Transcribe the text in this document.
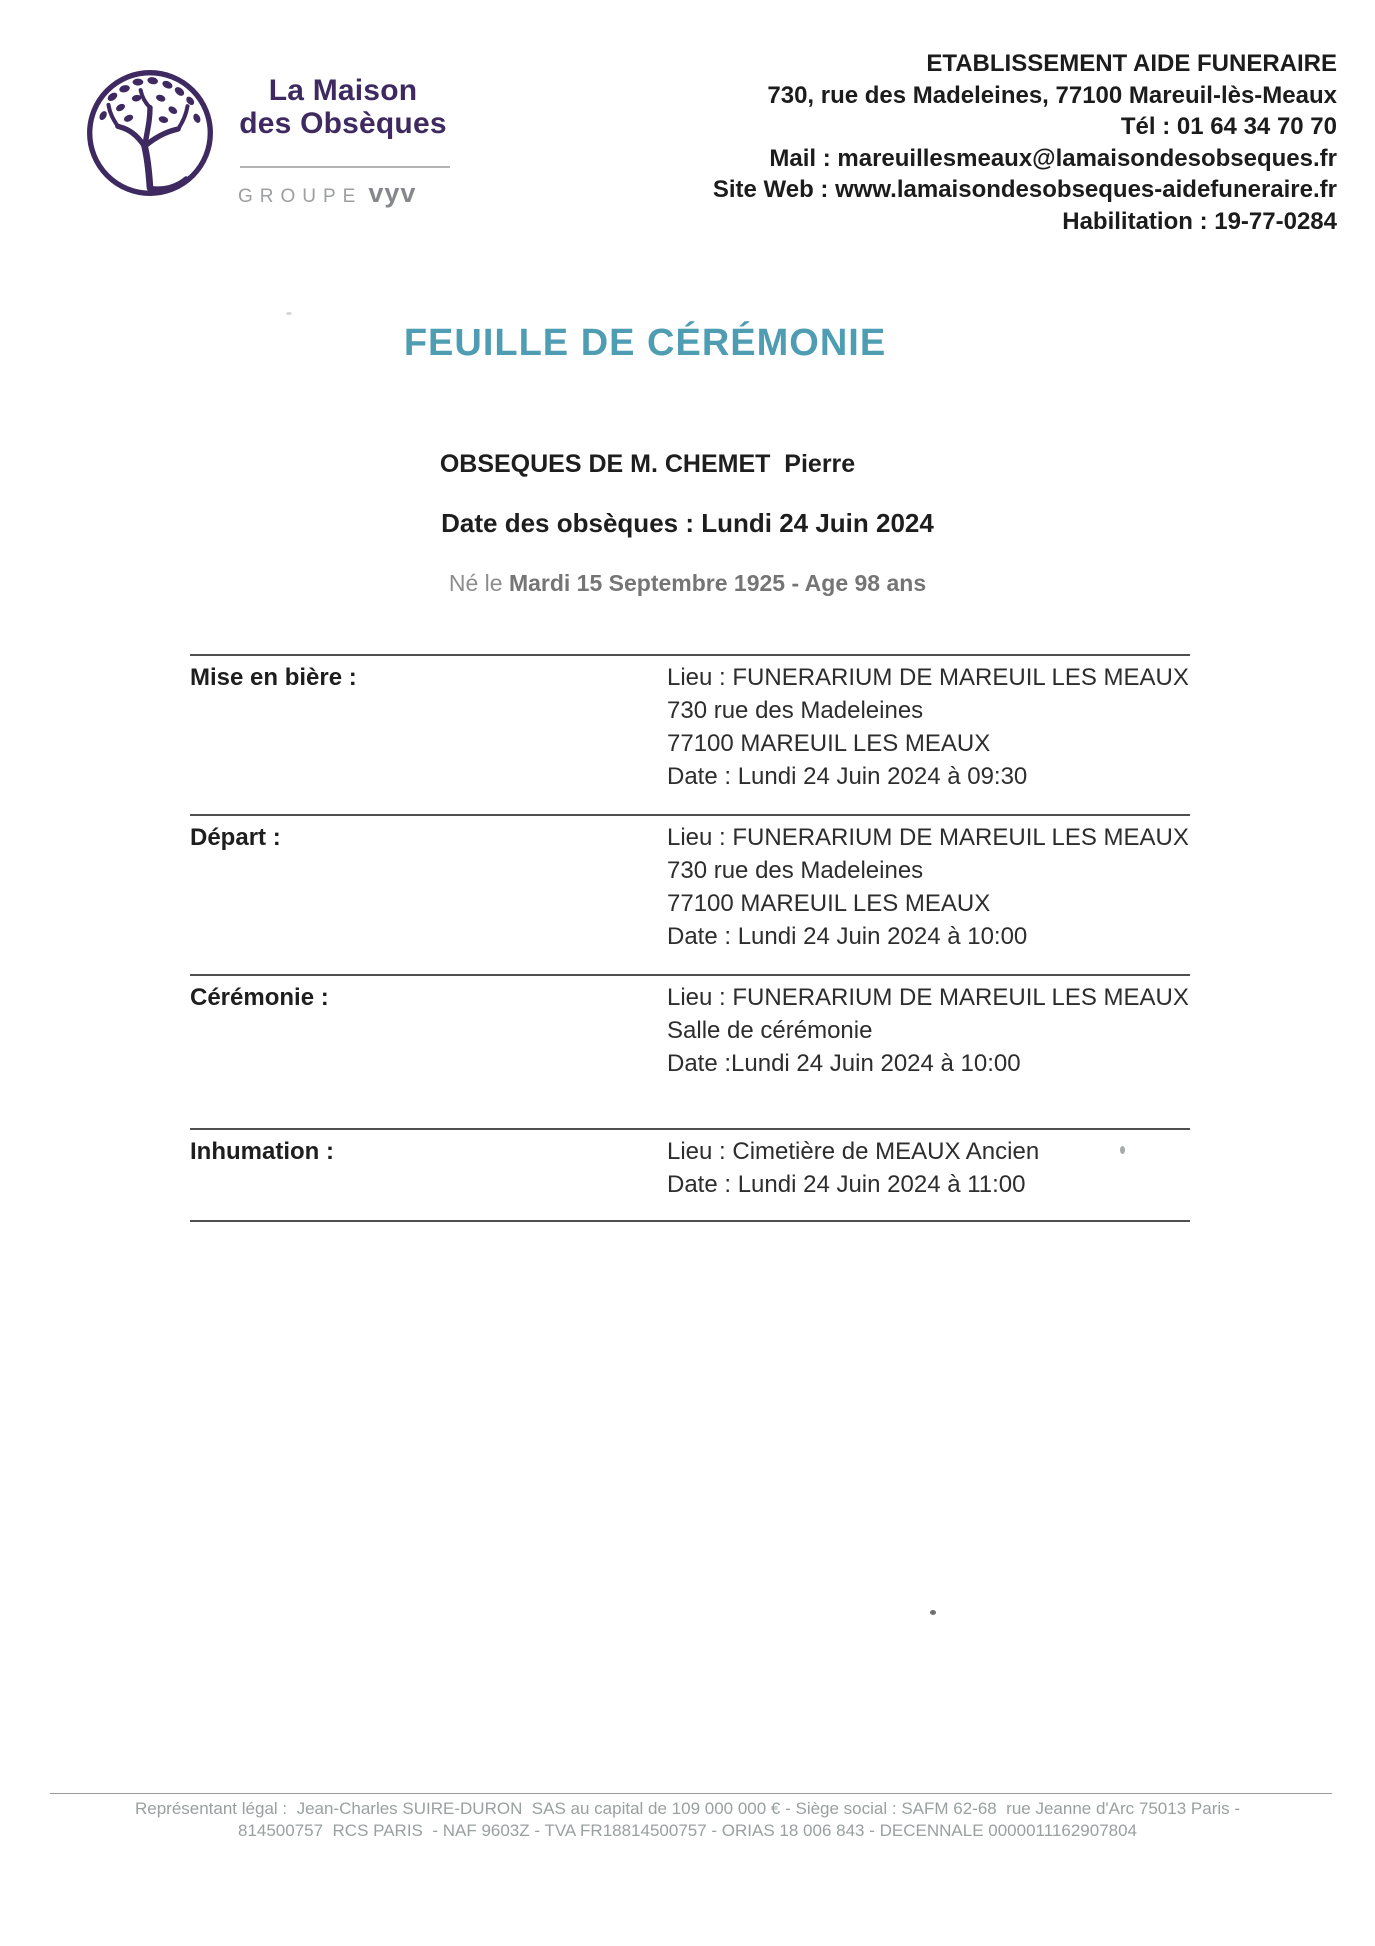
La Maison
des Obsèques
GROUPE vyv
ETABLISSEMENT AIDE FUNERAIRE
730, rue des Madeleines, 77100 Mareuil-lès-Meaux
Tél : 01 64 34 70 70
Mail : mareuillesmeaux@lamaisondesobseques.fr
Site Web : www.lamaisondesobseques-aidefuneraire.fr
Habilitation : 19-77-0284
FEUILLE DE CÉRÉMONIE
OBSEQUES DE M. CHEMET  Pierre
Date des obsèques : Lundi 24 Juin 2024
Né le Mardi 15 Septembre 1925 - Age 98 ans
Mise en bière :	Lieu : FUNERARIUM DE MAREUIL LES MEAUX
730 rue des Madeleines
77100 MAREUIL LES MEAUX
Date : Lundi 24 Juin 2024 à 09:30
Départ :	Lieu : FUNERARIUM DE MAREUIL LES MEAUX
730 rue des Madeleines
77100 MAREUIL LES MEAUX
Date : Lundi 24 Juin 2024 à 10:00
Cérémonie :	Lieu : FUNERARIUM DE MAREUIL LES MEAUX
Salle de cérémonie
Date :Lundi 24 Juin 2024 à 10:00
Inhumation :	Lieu : Cimetière de MEAUX Ancien
Date : Lundi 24 Juin 2024 à 11:00
Représentant légal :  Jean-Charles SUIRE-DURON  SAS au capital de 109 000 000 € - Siège social : SAFM 62-68  rue Jeanne d'Arc 75013 Paris -
814500757  RCS PARIS  - NAF 9603Z - TVA FR18814500757 - ORIAS 18 006 843 - DECENNALE 0000011162907804
